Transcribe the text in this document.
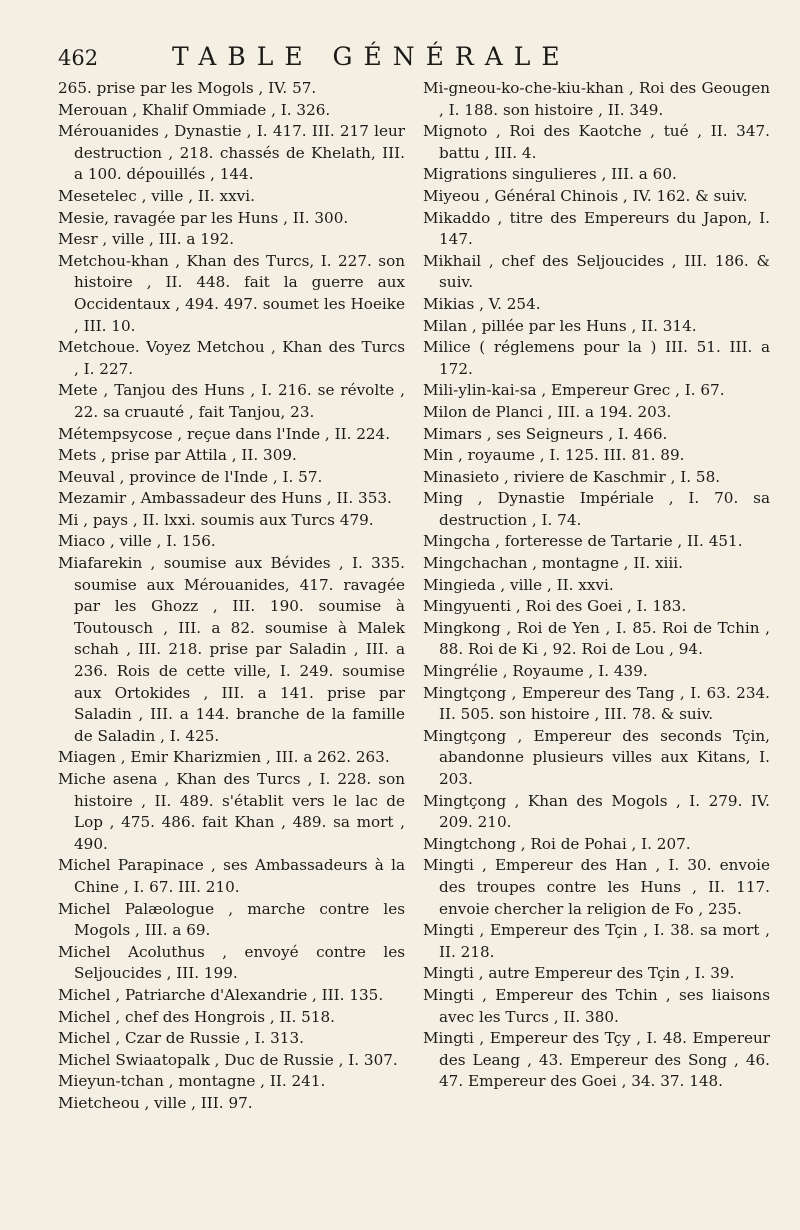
462	TABLE GÉNÉRALE
265. prise par les Mogols , IV. 57.
Merouan , Khalif Ommiade , I. 326.
Mérouanides , Dynastie , I. 417. III. 217 leur destruction , 218. chassés de Khelath, III. a 100. dépouillés , 144.
Mesetelec , ville , II. xxvi.
Mesie, ravagée par les Huns , II. 300.
Mesr , ville , III. a 192.
Metchou-khan , Khan des Turcs, I. 227. son histoire , II. 448. fait la guerre aux Occidentaux , 494. 497. soumet les Hoeike , III. 10.
Metchoue. Voyez Metchou , Khan des Turcs , I. 227.
Mete , Tanjou des Huns , I. 216. se révolte , 22. sa cruauté , fait Tanjou, 23.
Métempsycose , reçue dans l'Inde , II. 224.
Mets , prise par Attila , II. 309.
Meuval , province de l'Inde , I. 57.
Mezamir , Ambassadeur des Huns , II. 353.
Mi , pays , II. lxxi. soumis aux Turcs 479.
Miaco , ville , I. 156.
Miafarekin , soumise aux Bévides , I. 335. soumise aux Mérouanides, 417. ravagée par les Ghozz , III. 190. soumise à Toutousch , III. a 82. soumise à Malek schah , III. 218. prise par Saladin , III. a 236. Rois de cette ville, I. 249. soumise aux Ortokides , III. a 141. prise par Saladin , III. a 144. branche de la famille de Saladin , I. 425.
Miagen , Emir Kharizmien , III. a 262. 263.
Miche asena , Khan des Turcs , I. 228. son histoire , II. 489. s'établit vers le lac de Lop , 475. 486. fait Khan , 489. sa mort , 490.
Michel Parapinace , ses Ambassadeurs à la Chine , I. 67. III. 210.
Michel Palæologue , marche contre les Mogols , III. a 69.
Michel Acoluthus , envoyé contre les Seljoucides , III. 199.
Michel , Patriarche d'Alexandrie , III. 135.
Michel , chef des Hongrois , II. 518.
Michel , Czar de Russie , I. 313.
Michel Swiaatopalk , Duc de Russie , I. 307.
Mieyun-tchan , montagne , II. 241.
Mietcheou , ville , III. 97.
Mi-gneou-ko-che-kiu-khan , Roi des Geougen , I. 188. son histoire , II. 349.
Mignoto , Roi des Kaotche , tué , II. 347. battu , III. 4.
Migrations singulieres , III. a 60.
Miyeou , Général Chinois , IV. 162. & suiv.
Mikaddo , titre des Empereurs du Japon, I. 147.
Mikhail , chef des Seljoucides , III. 186. & suiv.
Mikias , V. 254.
Milan , pillée par les Huns , II. 314.
Milice ( réglemens pour la ) III. 51. III. a 172.
Mili-ylin-kai-sa , Empereur Grec , I. 67.
Milon de Planci , III. a 194. 203.
Mimars , ses Seigneurs , I. 466.
Min , royaume , I. 125. III. 81. 89.
Minasieto , riviere de Kaschmir , I. 58.
Ming , Dynastie Impériale , I. 70. sa destruction , I. 74.
Mingcha , forteresse de Tartarie , II. 451.
Mingchachan , montagne , II. xiii.
Mingieda , ville , II. xxvi.
Mingyuenti , Roi des Goei , I. 183.
Mingkong , Roi de Yen , I. 85. Roi de Tchin , 88. Roi de Ki , 92. Roi de Lou , 94.
Mingrélie , Royaume , I. 439.
Mingtçong , Empereur des Tang , I. 63. 234. II. 505. son histoire , III. 78. & suiv.
Mingtçong , Empereur des seconds Tçin, abandonne plusieurs villes aux Kitans, I. 203.
Mingtçong , Khan des Mogols , I. 279. IV. 209. 210.
Mingtchong , Roi de Pohai , I. 207.
Mingti , Empereur des Han , I. 30. envoie des troupes contre les Huns , II. 117. envoie chercher la religion de Fo , 235.
Mingti , Empereur des Tçin , I. 38. sa mort , II. 218.
Mingti , autre Empereur des Tçin , I. 39.
Mingti , Empereur des Tchin , ses liaisons avec les Turcs , II. 380.
Mingti , Empereur des Tçy , I. 48. Empereur des Leang , 43. Empereur des Song , 46. 47. Empereur des Goei , 34. 37. 148.
